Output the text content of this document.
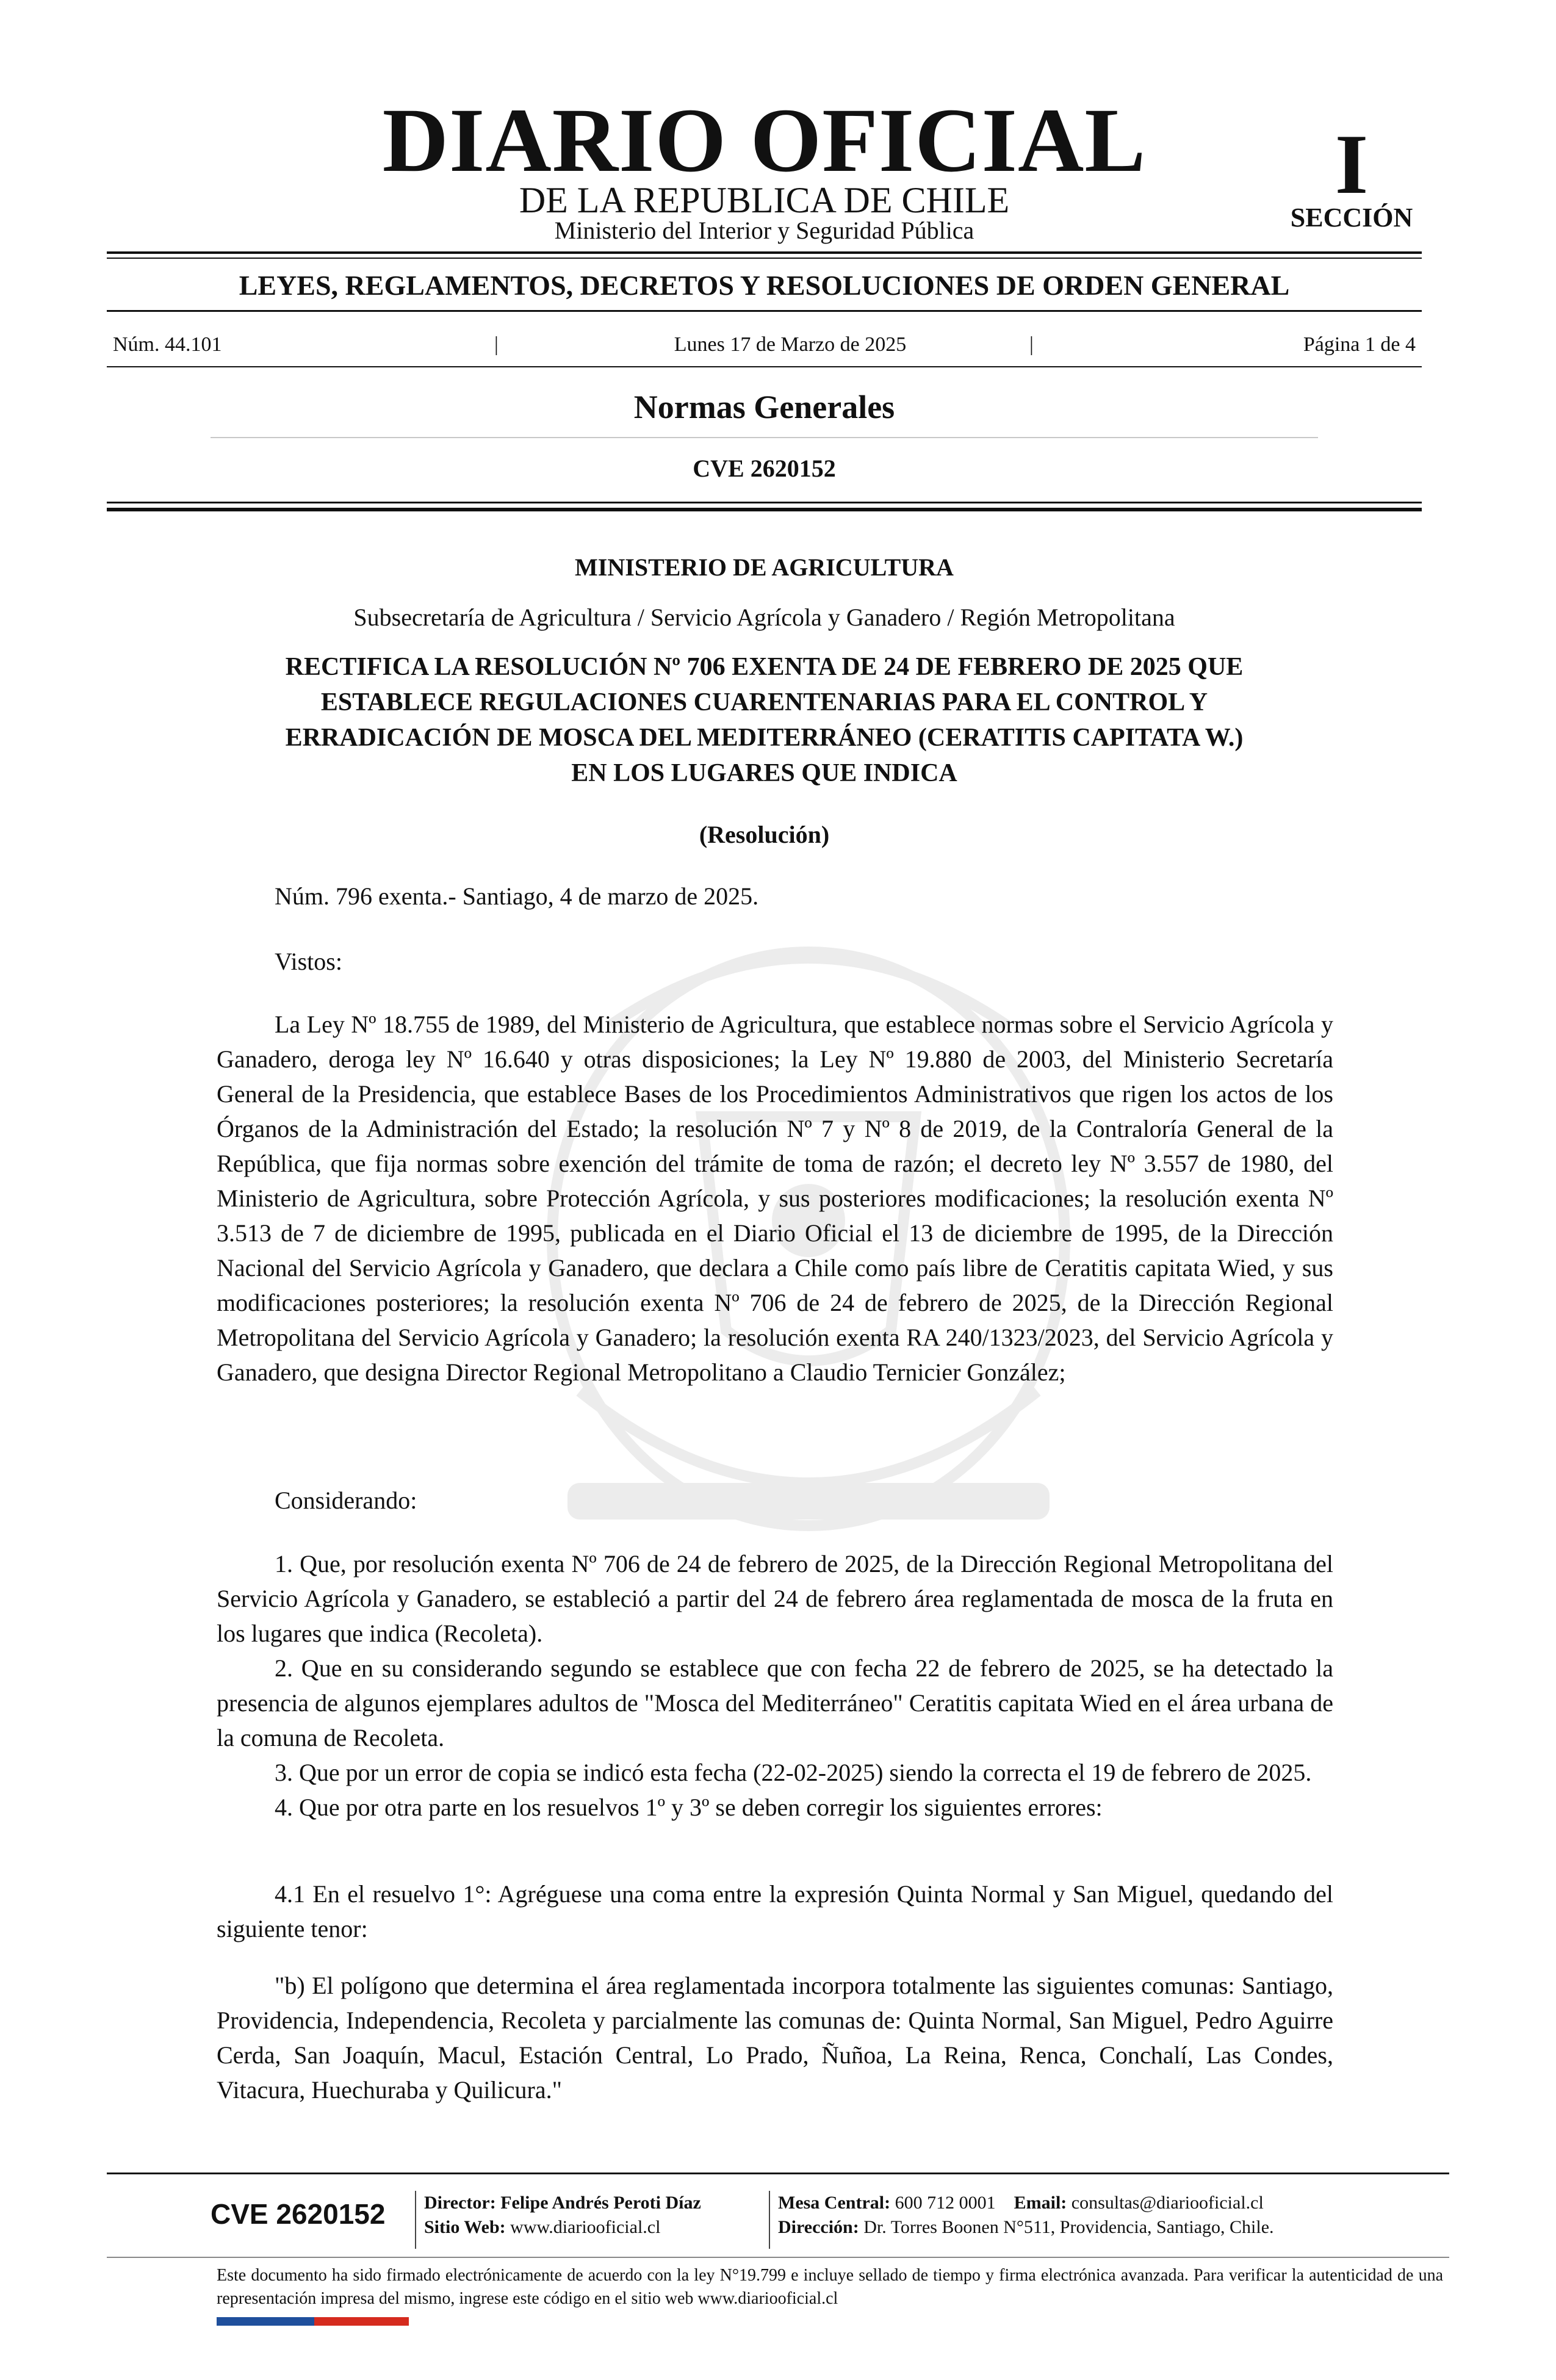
DIARIO OFICIAL
DE LA REPUBLICA DE CHILE
Ministerio del Interior y Seguridad Pública
I
SECCIÓN
LEYES, REGLAMENTOS, DECRETOS Y RESOLUCIONES DE ORDEN GENERAL
Núm. 44.101	|	Lunes 17 de Marzo de 2025	|	Página 1 de 4
Normas Generales
CVE 2620152
MINISTERIO DE AGRICULTURA
Subsecretaría de Agricultura / Servicio Agrícola y Ganadero / Región Metropolitana
RECTIFICA LA RESOLUCIÓN Nº 706 EXENTA DE 24 DE FEBRERO DE 2025 QUE
ESTABLECE REGULACIONES CUARENTENARIAS PARA EL CONTROL Y
ERRADICACIÓN DE MOSCA DEL MEDITERRÁNEO (CERATITIS CAPITATA W.)
EN LOS LUGARES QUE INDICA
(Resolución)
Núm. 796 exenta.- Santiago, 4 de marzo de 2025.
Vistos:

La Ley Nº 18.755 de 1989, del Ministerio de Agricultura, que establece normas sobre el Servicio Agrícola y Ganadero, deroga ley Nº 16.640 y otras disposiciones; la Ley Nº 19.880 de 2003, del Ministerio Secretaría General de la Presidencia, que establece Bases de los Procedimientos Administrativos que rigen los actos de los Órganos de la Administración del Estado; la resolución Nº 7 y Nº 8 de 2019, de la Contraloría General de la República, que fija normas sobre exención del trámite de toma de razón; el decreto ley Nº 3.557 de 1980, del Ministerio de Agricultura, sobre Protección Agrícola, y sus posteriores modificaciones; la resolución exenta Nº 3.513 de 7 de diciembre de 1995, publicada en el Diario Oficial el 13 de diciembre de 1995, de la Dirección Nacional del Servicio Agrícola y Ganadero, que declara a Chile como país libre de Ceratitis capitata Wied, y sus modificaciones posteriores; la resolución exenta Nº 706 de 24 de febrero de 2025, de la Dirección Regional Metropolitana del Servicio Agrícola y Ganadero; la resolución exenta RA 240/1323/2023, del Servicio Agrícola y Ganadero, que designa Director Regional Metropolitano a Claudio Ternicier González;

Considerando:

1. Que, por resolución exenta Nº 706 de 24 de febrero de 2025, de la Dirección Regional Metropolitana del Servicio Agrícola y Ganadero, se estableció a partir del 24 de febrero área reglamentada de mosca de la fruta en los lugares que indica (Recoleta).

2. Que en su considerando segundo se establece que con fecha 22 de febrero de 2025, se ha detectado la presencia de algunos ejemplares adultos de "Mosca del Mediterráneo" Ceratitis capitata Wied en el área urbana de la comuna de Recoleta.

3. Que por un error de copia se indicó esta fecha (22-02-2025) siendo la correcta el 19 de febrero de 2025.

4. Que por otra parte en los resuelvos 1º y 3º se deben corregir los siguientes errores:

4.1 En el resuelvo 1°: Agréguese una coma entre la expresión Quinta Normal y San Miguel, quedando del siguiente tenor:

"b) El polígono que determina el área reglamentada incorpora totalmente las siguientes comunas: Santiago, Providencia, Independencia, Recoleta y parcialmente las comunas de: Quinta Normal, San Miguel, Pedro Aguirre Cerda, San Joaquín, Macul, Estación Central, Lo Prado, Ñuñoa, La Reina, Renca, Conchalí, Las Condes, Vitacura, Huechuraba y Quilicura."

CVE 2620152 Director: Felipe Andrés Peroti Díaz
Sitio Web: www.diariooficial.cl
Mesa Central: 600 712 0001 Email: consultas@diariooficial.cl
Dirección: Dr. Torres Boonen N°511, Providencia, Santiago, Chile.
Este documento ha sido firmado electrónicamente de acuerdo con la ley N°19.799 e incluye sellado de tiempo y firma electrónica avanzada. Para verificar la autenticidad de una representación impresa del mismo, ingrese este código en el sitio web www.diariooficial.cl
